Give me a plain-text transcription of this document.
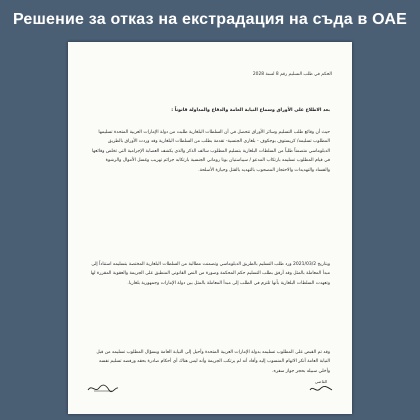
Решение за отказ на екстрадация на съда в ОАЕ
الحكم في طلب التسليم رقم 8 لسنة 2028
بعد الاطلاع على الأوراق وسماع النيابة العامة والدفاع والمداولة قانوناً :
حيث أن وقائع طلب التسليم وسائر الأوراق تتحصل في أن السلطات البلغارية طلبت من دولة الإمارات العربية المتحدة تسليمها المطلوب تسليمه/ كريستوف بوجكوف - بلغاري الجنسية- تقدمة بطلب من السلطات البلغارية وقد وردت الأوراق بالطريق الدبلوماسي متضمناً طلباً من السلطات البلغارية بتسليم المطلوب سالف الذكر والذي يكشف العصابة الإجرامية التي تخلص وقائعها في قيام المطلوب تسليمه بارتكاب المدعو / سيباستيان بونا روماني الجنسية بارتكابه جرائم تهريب وغسل الأموال والرشوة والفساد والتهديدات والاحتجاز المصحوب بالتهديد بالقتل وحيازة الأسلحة.
وبتاريخ 2021/03/2 ورد طلب التسليم بالطريق الدبلوماسي وتضمنت مطالبة من السلطات البلغارية المختصة بتسليمه استناداً إلى مبدأ المعاملة بالمثل وقد أرفق بطلب التسليم حكم المحكمة وصورة من النص القانوني المنطبق على الجريمة والعقوبة المقررة لها وتعهدت السلطات البلغارية بأنها تلتزم في الطلب إلى مبدأ المعاملة بالمثل بين دولة الإمارات وجمهورية بلغاريا.
وقد تم القبض على المطلوب تسليمه بدولة الإمارات العربية المتحدة وأحيل إلى النيابة العامة وبسؤال المطلوب تسليمه من قبل النيابة العامة أنكر الاتهام المنسوب إليه وأفاد أنه لم يرتكب الجريمة وأنه ليس هناك أي أحكام صادرة بحقه ورفضه تسليم نفسه وأخلي سبيله بحجز جواز سفره.
القاضي
